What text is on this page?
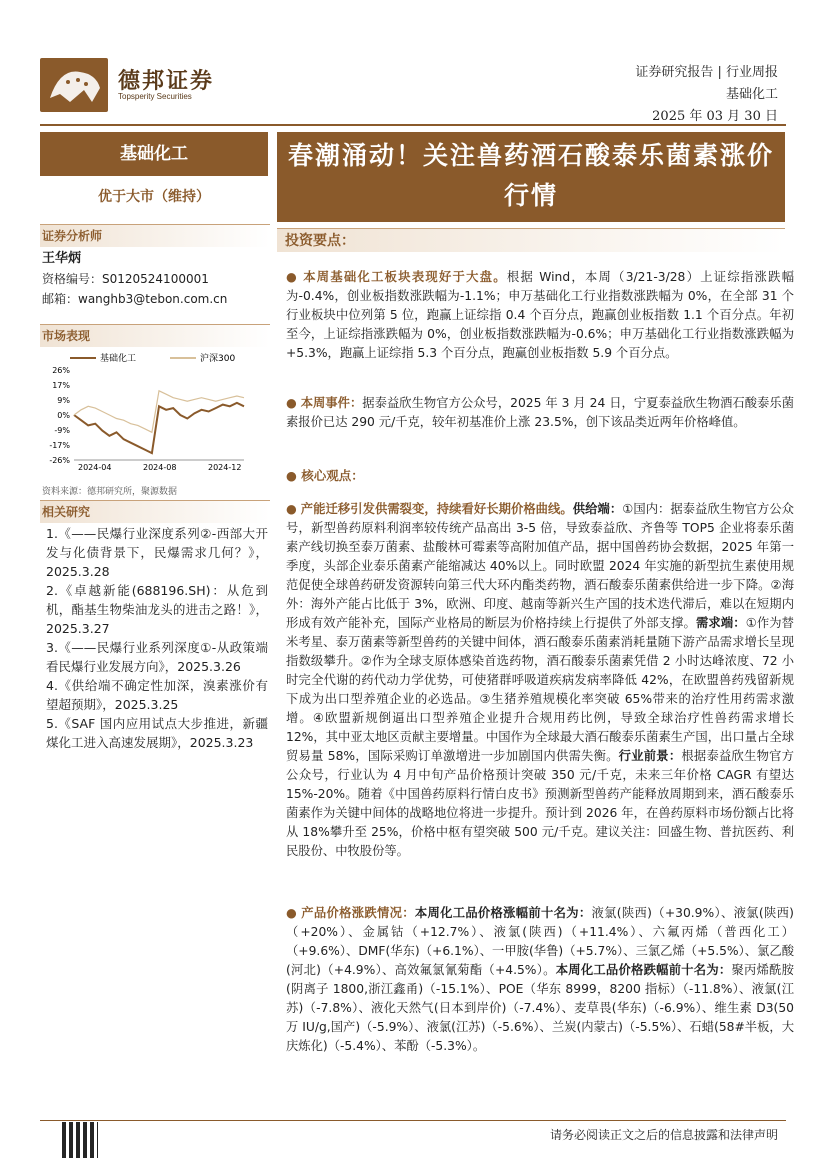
德邦证券
Topsperity Securities
证券研究报告 | 行业周报
基础化工
2025 年 03 月 30 日
基础化工
优于大市（维持）
证券分析师
王华炳
资格编号：S0120524100001
邮箱：wanghb3@tebon.com.cn
市场表现
基础化工	沪深300
26%
17%
9%
0%
-9%
-17%
-26%
2024-04	2024-08	2024-12
资料来源：德邦研究所，聚源数据
相关研究
1.《——民爆行业深度系列②-西部大开发与化债背景下，民爆需求几何？》，2025.3.28
2.《卓越新能(688196.SH)：从危到机，酯基生物柴油龙头的进击之路！》，2025.3.27
3.《——民爆行业系列深度①-从政策端看民爆行业发展方向》，2025.3.26
4.《供给端不确定性加深，溴素涨价有望超预期》，2025.3.25
5.《SAF 国内应用试点大步推进，新疆煤化工进入高速发展期》，2025.3.23
春潮涌动！关注兽药酒石酸泰乐菌素涨价行情
投资要点：
● 本周基础化工板块表现好于大盘。根据 Wind，本周（3/21-3/28）上证综指涨跌幅为-0.4%，创业板指数涨跌幅为-1.1%；申万基础化工行业指数涨跌幅为 0%，在全部 31 个行业板块中位列第 5 位，跑赢上证综指 0.4 个百分点，跑赢创业板指数 1.1 个百分点。年初至今，上证综指涨跌幅为 0%，创业板指数涨跌幅为-0.6%；申万基础化工行业指数涨跌幅为+5.3%，跑赢上证综指 5.3 个百分点，跑赢创业板指数 5.9 个百分点。
● 本周事件：据泰益欣生物官方公众号，2025 年 3 月 24 日，宁夏泰益欣生物酒石酸泰乐菌素报价已达 290 元/千克，较年初基准价上涨 23.5%，创下该品类近两年价格峰值。
● 核心观点：
● 产能迁移引发供需裂变，持续看好长期价格曲线。供给端：①国内：据泰益欣生物官方公众号，新型兽药原料利润率较传统产品高出 3-5 倍，导致泰益欣、齐鲁等 TOP5 企业将泰乐菌素产线切换至泰万菌素、盐酸林可霉素等高附加值产品，据中国兽药协会数据，2025 年第一季度，头部企业泰乐菌素产能缩减达 40%以上。同时欧盟 2024 年实施的新型抗生素使用规范促使全球兽药研发资源转向第三代大环内酯类药物，酒石酸泰乐菌素供给进一步下降。②海外：海外产能占比低于 3%，欧洲、印度、越南等新兴生产国的技术迭代滞后，难以在短期内形成有效产能补充，国际产业格局的断层为价格持续上行提供了外部支撑。需求端：①作为替米考星、泰万菌素等新型兽药的关键中间体，酒石酸泰乐菌素消耗量随下游产品需求增长呈现指数级攀升。②作为全球支原体感染首选药物，酒石酸泰乐菌素凭借 2 小时达峰浓度、72 小时完全代谢的药代动力学优势，可使猪群呼吸道疾病发病率降低 42%，在欧盟兽药残留新规下成为出口型养殖企业的必选品。③生猪养殖规模化率突破 65%带来的治疗性用药需求激增。④欧盟新规倒逼出口型养殖企业提升合规用药比例，导致全球治疗性兽药需求增长 12%，其中亚太地区贡献主要增量。中国作为全球最大酒石酸泰乐菌素生产国，出口量占全球贸易量 58%，国际采购订单激增进一步加剧国内供需失衡。行业前景：根据泰益欣生物官方公众号，行业认为 4 月中旬产品价格预计突破 350 元/千克，未来三年价格 CAGR 有望达 15%-20%。随着《中国兽药原料行情白皮书》预测新型兽药产能释放周期到来，酒石酸泰乐菌素作为关键中间体的战略地位将进一步提升。预计到 2026 年，在兽药原料市场份额占比将从 18%攀升至 25%，价格中枢有望突破 500 元/千克。建议关注：回盛生物、普抗医药、利民股份、中牧股份等。
● 产品价格涨跌情况：本周化工品价格涨幅前十名为：液氯(陕西)（+30.9%）、液氯(陕西)（+20%）、金属钴（+12.7%）、液氯(陕西)（+11.4%）、六氟丙烯（普西化工）（+9.6%）、DMF(华东)（+6.1%）、一甲胺(华鲁)（+5.7%）、三氯乙烯（+5.5%）、氯乙酸(河北)（+4.9%）、高效氟氯氰菊酯（+4.5%）。本周化工品价格跌幅前十名为：聚丙烯酰胺(阴离子 1800,浙江鑫甬)（-15.1%）、POE（华东 8999，8200 指标）（-11.8%）、液氯(江苏)（-7.8%）、液化天然气(日本到岸价)（-7.4%）、麦草畏(华东)（-6.9%）、维生素 D3(50 万 IU/g,国产)（-5.9%）、液氯(江苏)（-5.6%）、兰炭(内蒙古)（-5.5%）、石蜡(58#半板，大庆炼化)（-5.4%）、苯酚（-5.3%）。
请务必阅读正文之后的信息披露和法律声明
